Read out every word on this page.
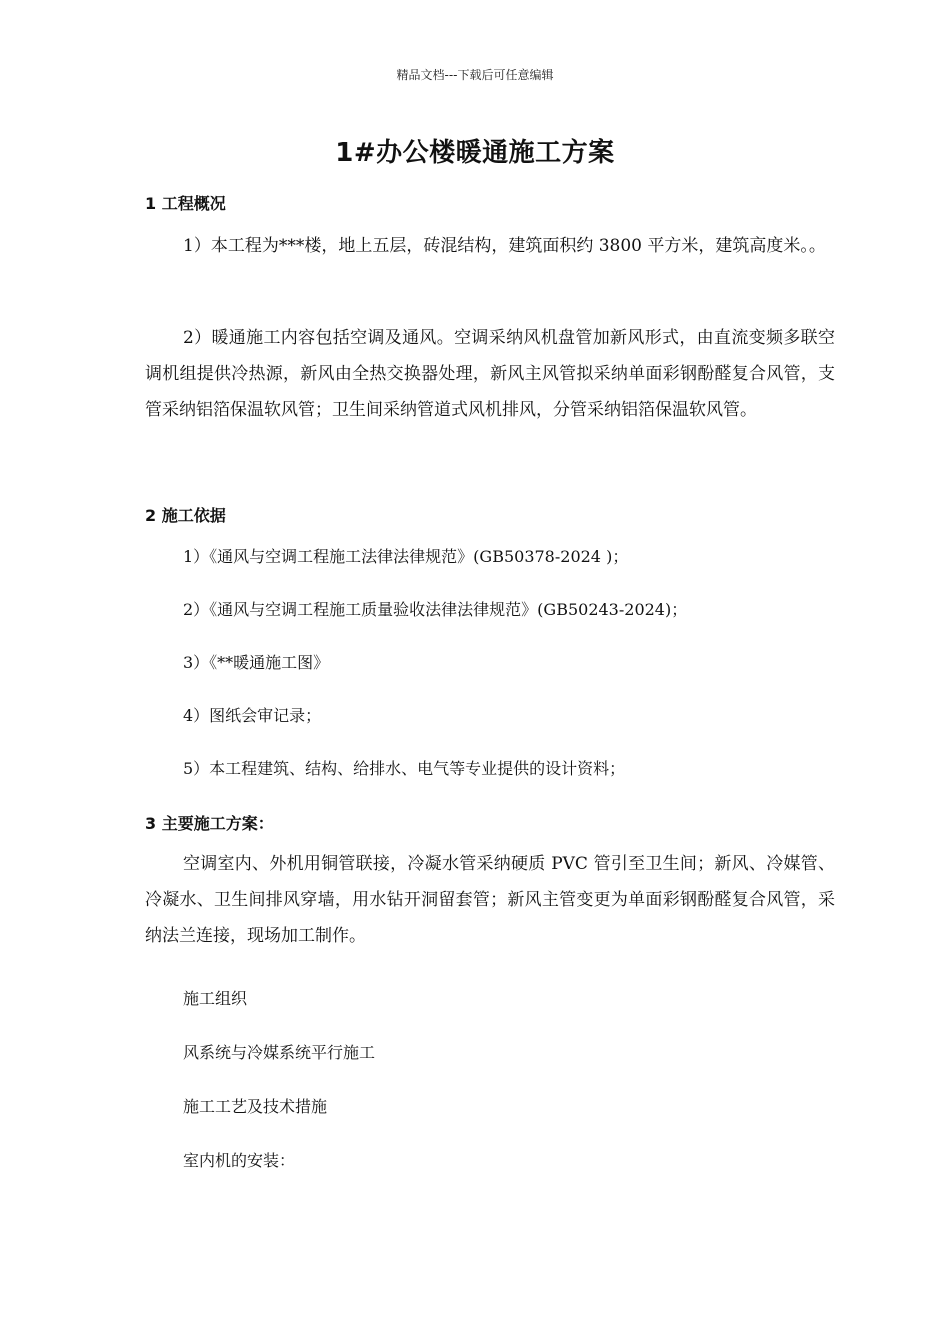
精品文档---下载后可任意编辑
1#办公楼暖通施工方案
1 工程概况

1）本工程为***楼，地上五层，砖混结构，建筑面积约 3800 平方米，建筑高度米。。

2）暖通施工内容包括空调及通风。空调采纳风机盘管加新风形式，由直流变频多联空调机组提供冷热源，新风由全热交换器处理，新风主风管拟采纳单面彩钢酚醛复合风管，支管采纳铝箔保温软风管；卫生间采纳管道式风机排风，分管采纳铝箔保温软风管。

2 施工依据
1）《通风与空调工程施工法律法律规范》(GB50378-2024 )；
2）《通风与空调工程施工质量验收法律法律规范》(GB50243-2024)；
3）《**暖通施工图》
4）图纸会审记录；
5）本工程建筑、结构、给排水、电气等专业提供的设计资料；
3 主要施工方案：

空调室内、外机用铜管联接，冷凝水管采纳硬质 PVC 管引至卫生间；新风、冷媒管、冷凝水、卫生间排风穿墙，用水钻开洞留套管；新风主管变更为单面彩钢酚醛复合风管，采纳法兰连接，现场加工制作。

施工组织
风系统与冷媒系统平行施工
施工工艺及技术措施
室内机的安装：
